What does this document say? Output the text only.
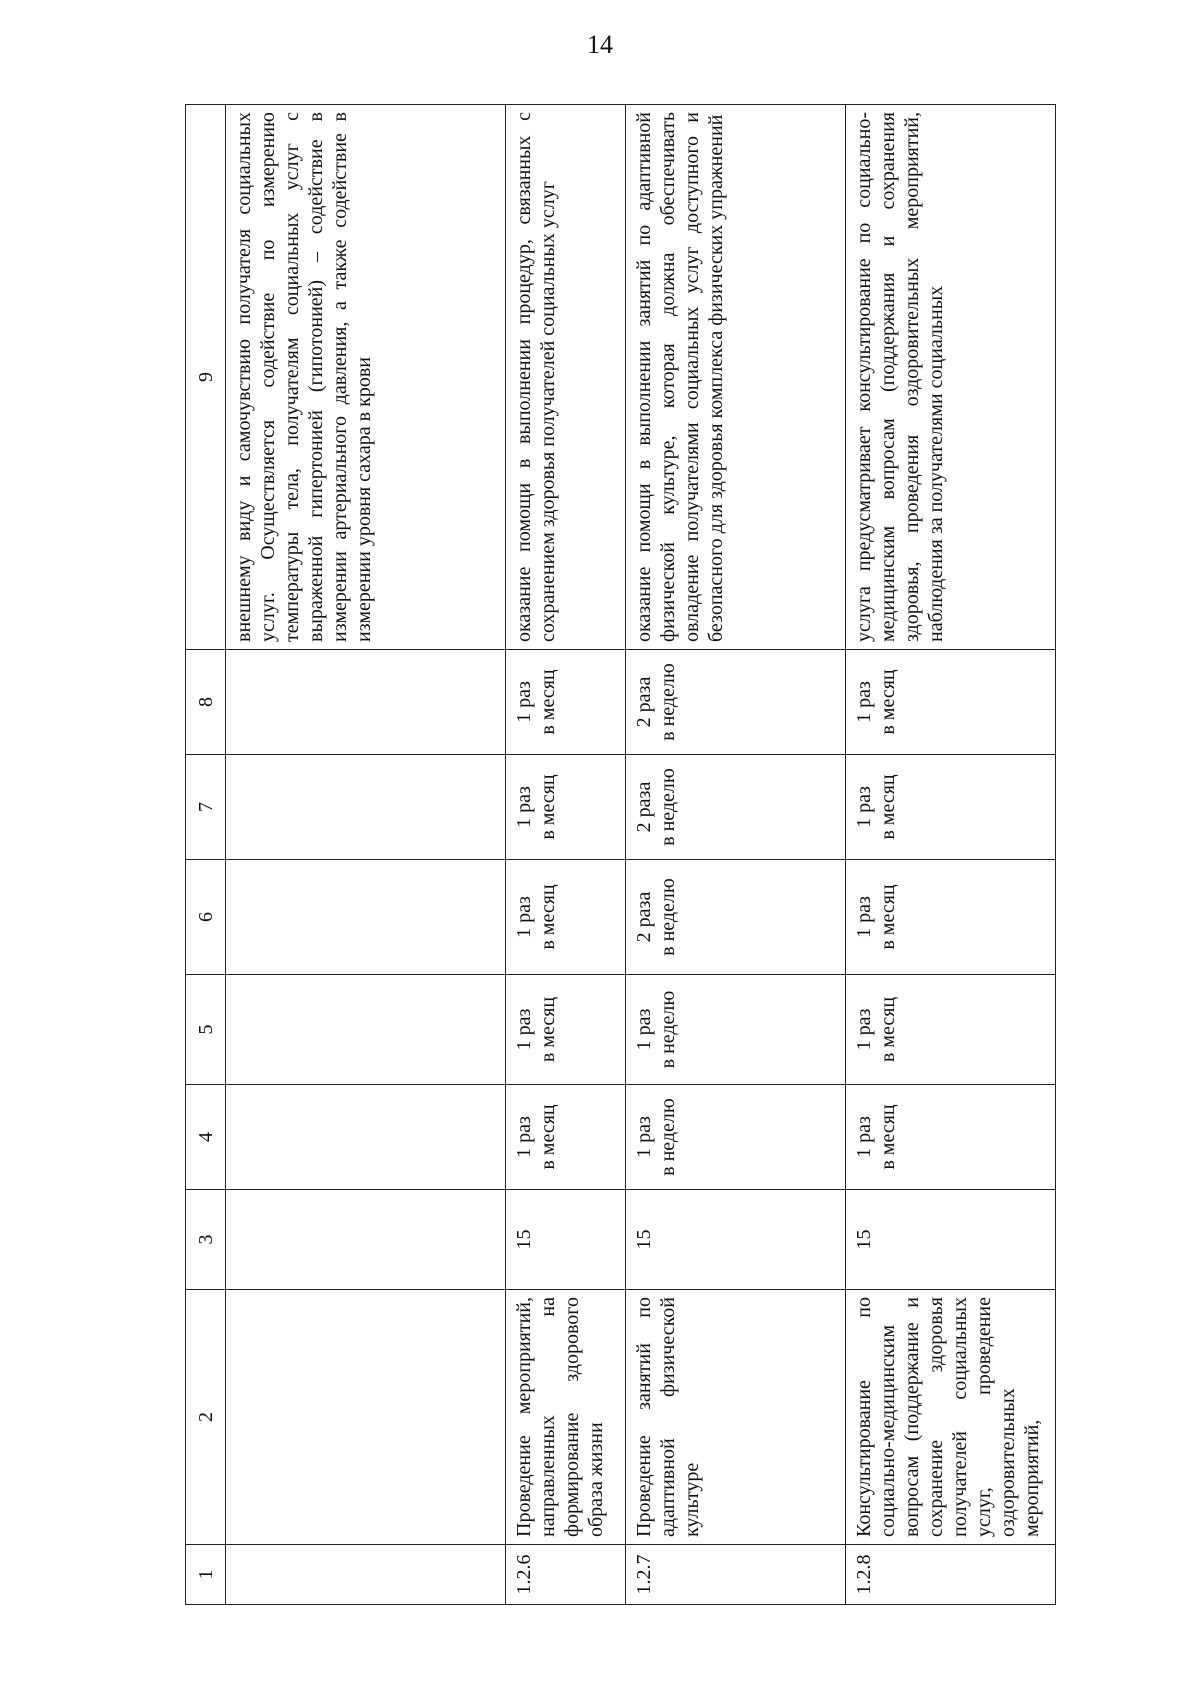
14
1	2	3	4	5	6	7	8	9
								внешнему виду и самочувствию получателя социальных услуг. Осуществляется содействие по измерению температуры тела, получателям социальных услуг с выраженной гипертонией (гипотонией) – содействие в измерении артериального давления, а также содействие в измерении уровня сахара в крови
1.2.6	Проведение мероприятий, направленных на формирование здорового образа жизни	15	1 раз в месяц	1 раз в месяц	1 раз в месяц	1 раз в месяц	1 раз в месяц	оказание помощи в выполнении процедур, связанных с сохранением здоровья получателей социальных услуг
1.2.7	Проведение занятий по адаптивной физической культуре	15	1 раз в неделю	1 раз в неделю	2 раза в неделю	2 раза в неделю	2 раза в неделю	оказание помощи в выполнении занятий по адаптивной физической культуре, которая должна обеспечивать овладение получателями социальных услуг доступного и безопасного для здоровья комплекса физических упражнений
1.2.8	Консультирование по социально-медицинским вопросам (поддержание и сохранение здоровья получателей социальных услуг, проведение оздоровительных мероприятий,	15	1 раз в месяц	1 раз в месяц	1 раз в месяц	1 раз в месяц	1 раз в месяц	услуга предусматривает консультирование по социально-медицинским вопросам (поддержания и сохранения здоровья, проведения оздоровительных мероприятий, наблюдения за получателями социальных
